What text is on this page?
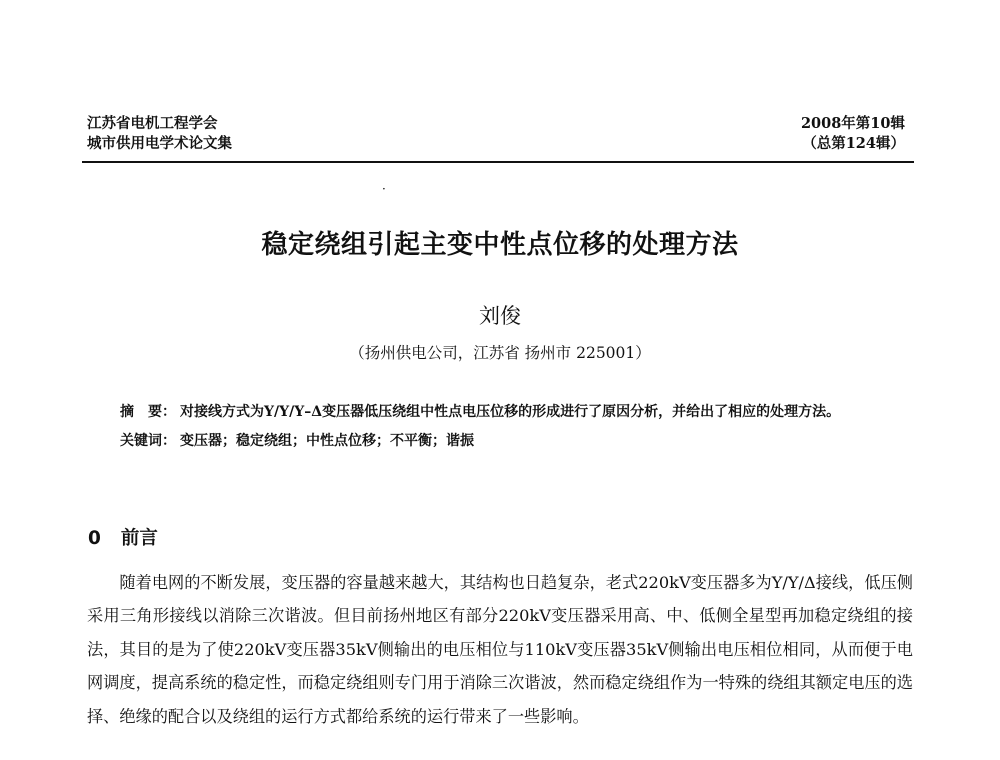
江苏省电机工程学会
城市供用电学术论文集
2008年第10辑
（总第124辑）
·
稳定绕组引起主变中性点位移的处理方法
刘俊
（扬州供电公司，江苏省 扬州市 225001）

摘　要： 对接线方式为Y/Y/Y–Δ变压器低压绕组中性点电压位移的形成进行了原因分析，并给出了相应的处理方法。

关键词： 变压器；稳定绕组；中性点位移；不平衡；谐振

0 前言

随着电网的不断发展，变压器的容量越来越大，其结构也日趋复杂，老式220kV变压器多为Y/Y/Δ接线，低压侧采用三角形接线以消除三次谐波。但目前扬州地区有部分220kV变压器采用高、中、低侧全星型再加稳定绕组的接法，其目的是为了使220kV变压器35kV侧输出的电压相位与110kV变压器35kV侧输出电压相位相同，从而便于电网调度，提高系统的稳定性，而稳定绕组则专门用于消除三次谐波，然而稳定绕组作为一特殊的绕组其额定电压的选择、绝缘的配合以及绕组的运行方式都给系统的运行带来了一些影响。
